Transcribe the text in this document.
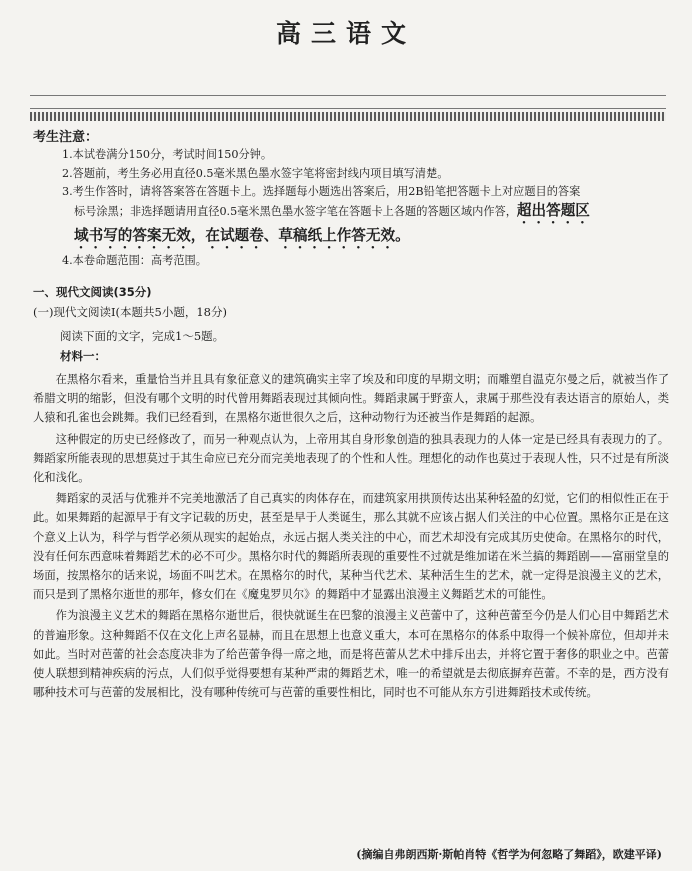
高三语文
考生注意：

1.本试卷满分150分，考试时间150分钟。

2.答题前，考生务必用直径0.5毫米黑色墨水签字笔将密封线内项目填写清楚。

3.考生作答时，请将答案答在答题卡上。选择题每小题选出答案后，用2B铅笔把答题卡上对应题目的答案

标号涂黑；非选择题请用直径0.5毫米黑色墨水签字笔在答题卡上各题的答题区域内作答，超出答题区

域书写的答案无效，在试题卷、草稿纸上作答无效。

4.本卷命题范围：高考范围。

一、现代文阅读(35分)
(一)现代文阅读Ⅰ(本题共5小题，18分)
阅读下面的文字，完成1～5题。
材料一：

在黑格尔看来，重量恰当并且具有象征意义的建筑确实主宰了埃及和印度的早期文明；而雕塑自温克尔曼之后，就被当作了希腊文明的缩影，但没有哪个文明的时代曾用舞蹈表现过其倾向性。舞蹈隶属于野蛮人，隶属于那些没有表达语言的原始人，类人猿和孔雀也会跳舞。我们已经看到，在黑格尔逝世很久之后，这种动物行为还被当作是舞蹈的起源。

这种假定的历史已经修改了，而另一种观点认为，上帝用其自身形象创造的独具表现力的人体一定是已经具有表现力的了。舞蹈家所能表现的思想莫过于其生命应已充分而完美地表现了的个性和人性。理想化的动作也莫过于表现人性，只不过是有所淡化和浅化。

舞蹈家的灵活与优雅并不完美地激活了自己真实的肉体存在，而建筑家用拱顶传达出某种轻盈的幻觉，它们的相似性正在于此。如果舞蹈的起源早于有文字记载的历史，甚至是早于人类诞生，那么其就不应该占据人们关注的中心位置。黑格尔正是在这个意义上认为，科学与哲学必须从现实的起始点，永远占据人类关注的中心，而艺术却没有完成其历史使命。在黑格尔的时代，没有任何东西意味着舞蹈艺术的必不可少。黑格尔时代的舞蹈所表现的重要性不过就是维加诺在米兰搞的舞蹈剧——富丽堂皇的场面，按黑格尔的话来说，场面不叫艺术。在黑格尔的时代，某种当代艺术、某种活生生的艺术，就一定得是浪漫主义的艺术，而只是到了黑格尔逝世的那年，修女们在《魔鬼罗贝尔》的舞蹈中才显露出浪漫主义舞蹈艺术的可能性。

作为浪漫主义艺术的舞蹈在黑格尔逝世后，很快就诞生在巴黎的浪漫主义芭蕾中了，这种芭蕾至今仍是人们心目中舞蹈艺术的普遍形象。这种舞蹈不仅在文化上声名显赫，而且在思想上也意义重大，本可在黑格尔的体系中取得一个候补席位，但却并未如此。当时对芭蕾的社会态度决非为了给芭蕾争得一席之地，而是将芭蕾从艺术中排斥出去，并将它置于奢侈的职业之中。芭蕾使人联想到精神疾病的污点，人们似乎觉得要想有某种严肃的舞蹈艺术，唯一的希望就是去彻底摒弃芭蕾。不幸的是，西方没有哪种技术可与芭蕾的发展相比，没有哪种传统可与芭蕾的重要性相比，同时也不可能从东方引进舞蹈技术或传统。

(摘编自弗朗西斯·斯帕肖特《哲学为何忽略了舞蹈》，欧建平译)
